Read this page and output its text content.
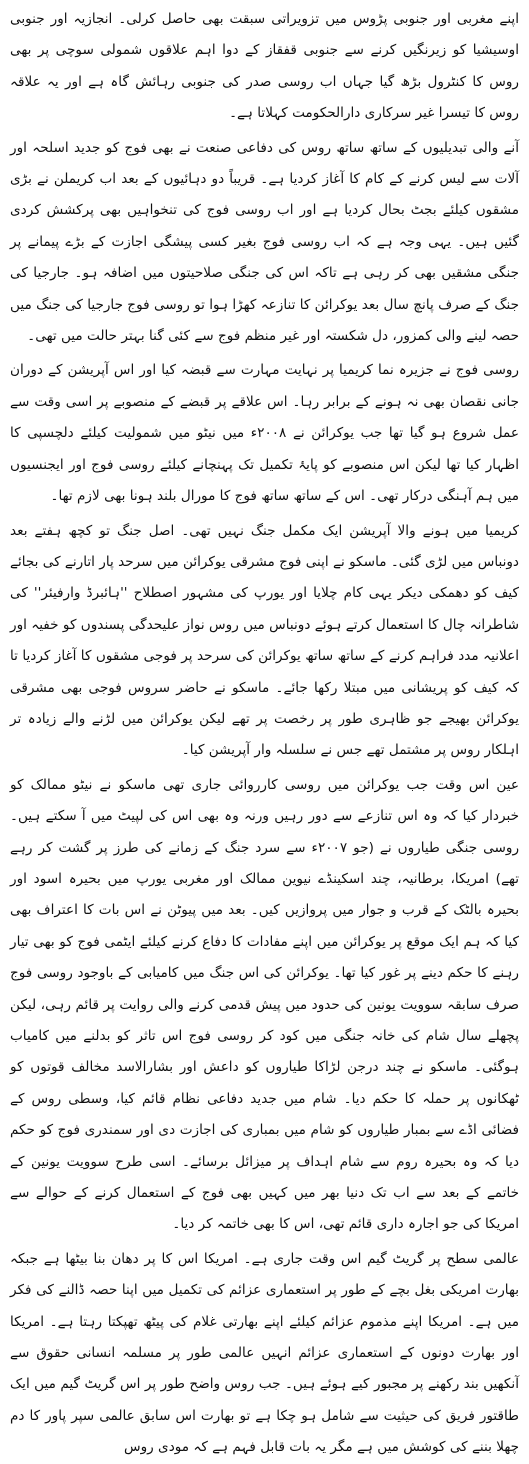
اپنے مغربی اور جنوبی پڑوس میں تزویراتی سبقت بھی حاصل کرلی۔ انجازیہ اور جنوبی اوسیشیا کو زیرنگیں کرنے سے جنوبی قفقاز کے دوا اہم علاقوں شمولی سوچی پر بھی روس کا کنٹرول بڑھ گیا جہاں اب روسی صدر کی جنوبی رہائش گاہ ہے اور یہ علاقہ روس کا تیسرا غیر سرکاری دارالحکومت کہلاتا ہے۔

آنے والی تبدیلیوں کے ساتھ ساتھ روس کی دفاعی صنعت نے بھی فوج کو جدید اسلحہ اور آلات سے لیس کرنے کے کام کا آغاز کردیا ہے۔ قریباً دو دہائیوں کے بعد اب کریملن نے بڑی مشقوں کیلئے بجٹ بحال کردیا ہے اور اب روسی فوج کی تنخواہیں بھی پرکشش کردی گئیں ہیں۔ یہی وجہ ہے کہ اب روسی فوج بغیر کسی پیشگی اجازت کے بڑے پیمانے پر جنگی مشقیں بھی کر رہی ہے تاکہ اس کی جنگی صلاحیتوں میں اضافہ ہو۔ جارجیا کی جنگ کے صرف پانچ سال بعد یوکرائن کا تنازعہ کھڑا ہوا تو روسی فوج جارجیا کی جنگ میں حصہ لینے والی کمزور، دل شکستہ اور غیر منظم فوج سے کئی گنا بہتر حالت میں تھی۔

روسی فوج نے جزیرہ نما کریمیا پر نہایت مہارت سے قبضہ کیا اور اس آپریشن کے دوران جانی نقصان بھی نہ ہونے کے برابر رہا۔ اس علاقے پر قبضے کے منصوبے پر اسی وقت سے عمل شروع ہو گیا تھا جب یوکرائن نے ۲۰۰۸ء میں نیٹو میں شمولیت کیلئے دلچسپی کا اظہار کیا تھا لیکن اس منصوبے کو پایۂ تکمیل تک پہنچانے کیلئے روسی فوج اور ایجنسیوں میں ہم آہنگی درکار تھی۔ اس کے ساتھ ساتھ فوج کا مورال بلند ہونا بھی لازم تھا۔

کریمیا میں ہونے والا آپریشن ایک مکمل جنگ نہیں تھی۔ اصل جنگ تو کچھ ہفتے بعد دونباس میں لڑی گئی۔ ماسکو نے اپنی فوج مشرقی یوکرائن میں سرحد پار اتارنے کی بجائے کیف کو دھمکی دیکر یہی کام چلایا اور یورپ کی مشہور اصطلاح ''ہائبرڈ وارفیئر'' کی شاطرانہ چال کا استعمال کرتے ہوئے دونباس میں روس نواز علیحدگی پسندوں کو خفیہ اور اعلانیہ مدد فراہم کرنے کے ساتھ ساتھ یوکرائن کی سرحد پر فوجی مشقوں کا آغاز کردیا تا کہ کیف کو پریشانی میں مبتلا رکھا جائے۔ ماسکو نے حاضر سروس فوجی بھی مشرقی یوکرائن بھیجے جو ظاہری طور پر رخصت پر تھے لیکن یوکرائن میں لڑنے والے زیادہ تر اہلکار روس پر مشتمل تھے جس نے سلسلہ وار آپریشن کیا۔

عین اس وقت جب یوکرائن میں روسی کارروائی جاری تھی ماسکو نے نیٹو ممالک کو خبردار کیا کہ وہ اس تنازعے سے دور رہیں ورنہ وہ بھی اس کی لپیٹ میں آ سکتے ہیں۔ روسی جنگی طیاروں نے (جو ۲۰۰۷ء سے سرد جنگ کے زمانے کی طرز پر گشت کر رہے تھے) امریکا، برطانیہ، چند اسکینڈے نیوین ممالک اور مغربی یورپ میں بحیرہ اسود اور بحیرہ بالٹک کے قرب و جوار میں پروازیں کیں۔ بعد میں پیوٹن نے اس بات کا اعتراف بھی کیا کہ ہم ایک موقع پر یوکرائن میں اپنے مفادات کا دفاع کرنے کیلئے ایٹمی فوج کو بھی تیار رہنے کا حکم دینے پر غور کیا تھا۔ یوکرائن کی اس جنگ میں کامیابی کے باوجود روسی فوج صرف سابقہ سوویت یونین کی حدود میں پیش قدمی کرنے والی روایت پر قائم رہی، لیکن پچھلے سال شام کی خانہ جنگی میں کود کر روسی فوج اس تاثر کو بدلنے میں کامیاب ہوگئی۔ ماسکو نے چند درجن لڑاکا طیاروں کو داعش اور بشارالاسد مخالف قوتوں کو ٹھکانوں پر حملہ کا حکم دیا۔ شام میں جدید دفاعی نظام قائم کیا، وسطی روس کے فضائی اڈے سے بمبار طیاروں کو شام میں بمباری کی اجازت دی اور سمندری فوج کو حکم دیا کہ وہ بحیرہ روم سے شام اہداف پر میزائل برسائے۔ اسی طرح سوویت یونین کے خاتمے کے بعد سے اب تک دنیا بھر میں کہیں بھی فوج کے استعمال کرنے کے حوالے سے امریکا کی جو اجارہ داری قائم تھی، اس کا بھی خاتمہ کر دیا۔

عالمی سطح پر گریٹ گیم اس وقت جاری ہے۔ امریکا اس کا پر دھان بنا بیٹھا ہے جبکہ بھارت امریکی بغل بچے کے طور پر استعماری عزائم کی تکمیل میں اپنا حصہ ڈالنے کی فکر میں ہے۔ امریکا اپنے مذموم عزائم کیلئے اپنے بھارتی غلام کی پیٹھ تھپکتا رہتا ہے۔ امریکا اور بھارت دونوں کے استعماری عزائم انہیں عالمی طور پر مسلمہ انسانی حقوق سے آنکھیں بند رکھنے پر مجبور کیے ہوئے ہیں۔ جب روس واضح طور پر اس گریٹ گیم میں ایک طاقتور فریق کی حیثیت سے شامل ہو چکا ہے تو بھارت اس سابق عالمی سپر پاور کا دم چھلا بننے کی کوشش میں ہے مگر یہ بات قابل فہم ہے کہ مودی روس
